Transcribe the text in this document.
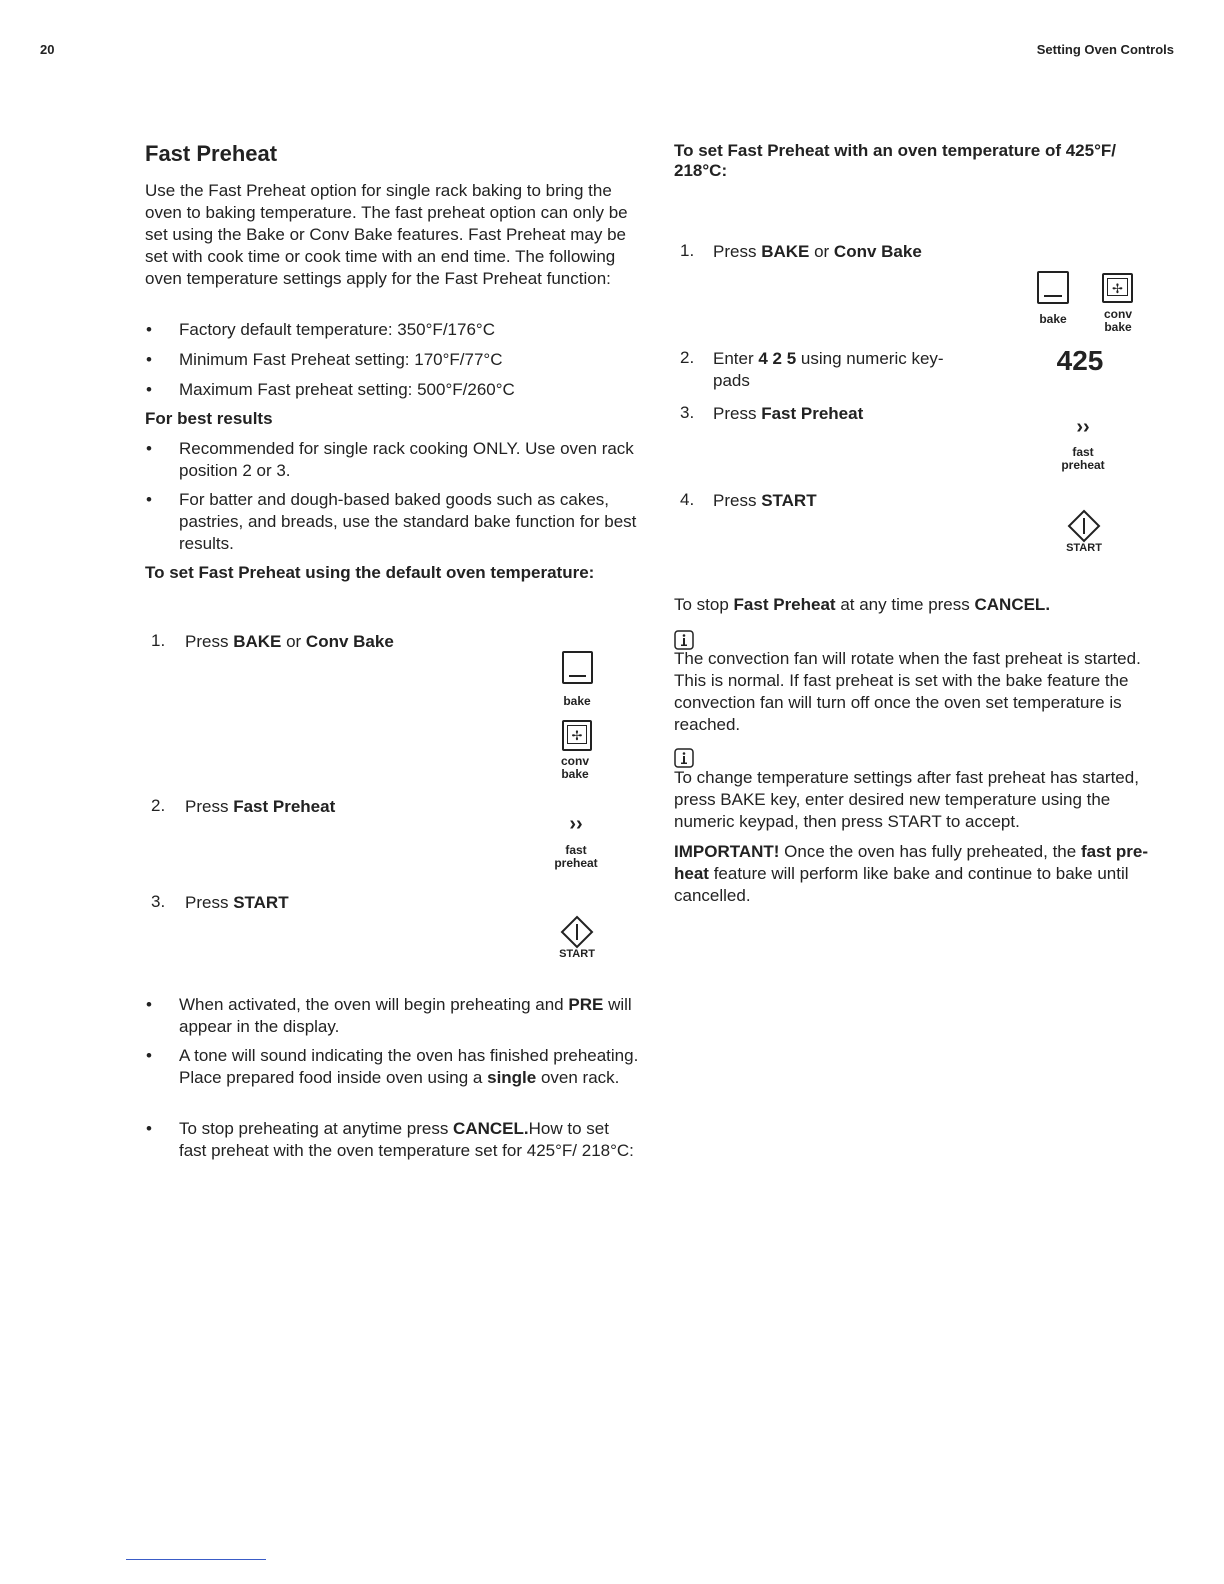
20	Setting Oven Controls
Fast Preheat
Use the Fast Preheat option for single rack baking to bring the oven to baking temperature. The fast preheat option can only be set using the Bake or Conv Bake features. Fast Preheat may be set with cook time or cook time with an end time. The following oven temperature settings apply for the Fast Preheat function:
• Factory default temperature: 350°F/176°C
• Minimum Fast Preheat setting: 170°F/77°C
• Maximum Fast preheat setting: 500°F/260°C
For best results
• Recommended for single rack cooking ONLY. Use oven rack position 2 or 3.
• For batter and dough-based baked goods such as cakes, pastries, and breads, use the standard bake function for best results.
To set Fast Preheat using the default oven temperature:
1. Press BAKE or Conv Bake
2. Press Fast Preheat
3. Press START
bake
✢
conv
bake
››
fast
preheat
START
• When activated, the oven will begin preheating and PRE will appear in the display.
• A tone will sound indicating the oven has finished preheating. Place prepared food inside oven using a single oven rack.
• To stop preheating at anytime press CANCEL.How to set fast preheat with the oven temperature set for 425°F/ 218°C:
To set Fast Preheat with an oven temperature of 425°F/ 218°C:
1. Press BAKE or Conv Bake
2. Enter 4 2 5 using numeric key-
pads
3. Press Fast Preheat
4. Press START
bake
✢
conv
bake
425
››
fast
preheat
START
To stop Fast Preheat at any time press CANCEL.
The convection fan will rotate when the fast preheat is started. This is normal. If fast preheat is set with the bake feature the convection fan will turn off once the oven set temperature is reached.
To change temperature settings after fast preheat has started, press BAKE key, enter desired new temperature using the numeric keypad, then press START to accept.
IMPORTANT! Once the oven has fully preheated, the fast pre-heat feature will perform like bake and continue to bake until cancelled.
